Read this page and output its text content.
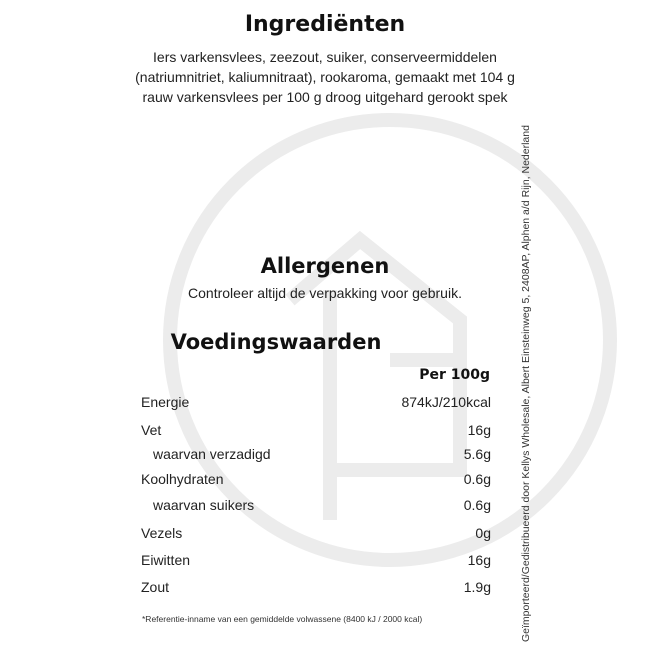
Ingrediënten
Iers varkensvlees, zeezout, suiker, conserveermiddelen (natriumnitriet, kaliumnitraat), rookaroma, gemaakt met 104 g rauw varkensvlees per 100 g droog uitgehard gerookt spek
Allergenen
Controleer altijd de verpakking voor gebruik.
Voedingswaarden
Per 100g
Energie	874kJ/210kcal
Vet	16g
waarvan verzadigd	5.6g
Koolhydraten	0.6g
waarvan suikers	0.6g
Vezels	0g
Eiwitten	16g
Zout	1.9g
*Referentie-inname van een gemiddelde volwassene (8400 kJ / 2000 kcal)	Geïmporteerd/Gedistribueerd door Kellys Wholesale, Albert Einsteinweg 5, 2408AP, Alphen a/d Rijn, Nederland
